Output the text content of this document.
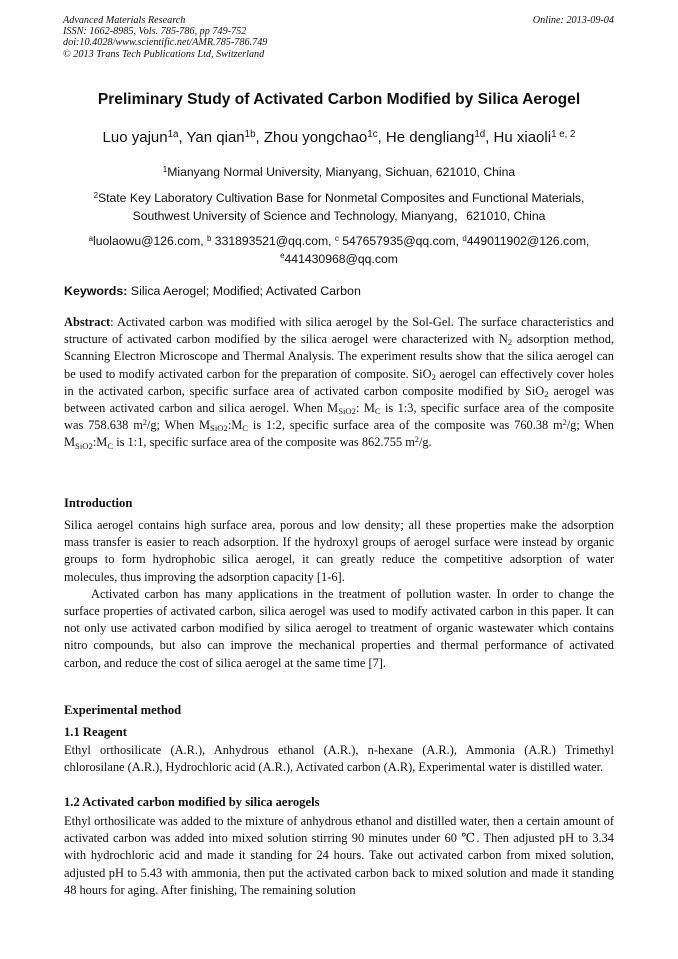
Advanced Materials Research
ISSN: 1662-8985, Vols. 785-786, pp 749-752
doi:10.4028/www.scientific.net/AMR.785-786.749
© 2013 Trans Tech Publications Ltd, Switzerland
Online: 2013-09-04
Preliminary Study of Activated Carbon Modified by Silica Aerogel
Luo yajun$^{1a}$, Yan qian$^{1b}$, Zhou yongchao$^{1c}$, He dengliang$^{1d}$, Hu xiaoli$^{1 e, 2}$
$^1$Mianyang Normal University, Mianyang, Sichuan, 621010, China
$^2$State Key Laboratory Cultivation Base for Nonmetal Composites and Functional Materials,
Southwest University of Science and Technology, Mianyang，621010, China
$^a$luolaowu@126.com, $^b$ 331893521@qq.com, $^c$ 547657935@qq.com, $^d$449011902@126.com,
$^e$441430968@qq.com
Keywords: Silica Aerogel; Modified; Activated Carbon
Abstract: Activated carbon was modified with silica aerogel by the Sol-Gel. The surface characteristics and structure of activated carbon modified by the silica aerogel were characterized with $N_2$ adsorption method, Scanning Electron Microscope and Thermal Analysis. The experiment results show that the silica aerogel can be used to modify activated carbon for the preparation of composite. SiO$_2$ aerogel can effectively cover holes in the activated carbon, specific surface area of activated carbon composite modified by SiO$_2$ aerogel was between activated carbon and silica aerogel. When $M_{SiO2}$: $M_C$ is 1:3, specific surface area of the composite was 758.638 $m^2/g$; When $M_{SiO2}:M_C$ is 1:2, specific surface area of the composite was 760.38 $m^2/g$; When $M_{SiO2}:M_C$ is 1:1, specific surface area of the composite was 862.755 $m^2/g$.
Introduction
Silica aerogel contains high surface area, porous and low density; all these properties make the adsorption mass transfer is easier to reach adsorption. If the hydroxyl groups of aerogel surface were instead by organic groups to form hydrophobic silica aerogel, it can greatly reduce the competitive adsorption of water molecules, thus improving the adsorption capacity [1-6].
Activated carbon has many applications in the treatment of pollution waster. In order to change the surface properties of activated carbon, silica aerogel was used to modify activated carbon in this paper. It can not only use activated carbon modified by silica aerogel to treatment of organic wastewater which contains nitro compounds, but also can improve the mechanical properties and thermal performance of activated carbon, and reduce the cost of silica aerogel at the same time [7].
Experimental method
1.1 Reagent
Ethyl orthosilicate (A.R.), Anhydrous ethanol (A.R.), n-hexane (A.R.), Ammonia (A.R.) Trimethyl chlorosilane (A.R.), Hydrochloric acid (A.R.), Activated carbon (A.R), Experimental water is distilled water.
1.2 Activated carbon modified by silica aerogels
Ethyl orthosilicate was added to the mixture of anhydrous ethanol and distilled water, then a certain amount of activated carbon was added into mixed solution stirring 90 minutes under 60 ℃. Then adjusted pH to 3.34 with hydrochloric acid and made it standing for 24 hours. Take out activated carbon from mixed solution, adjusted pH to 5.43 with ammonia, then put the activated carbon back to mixed solution and made it standing 48 hours for aging. After finishing, The remaining solution
